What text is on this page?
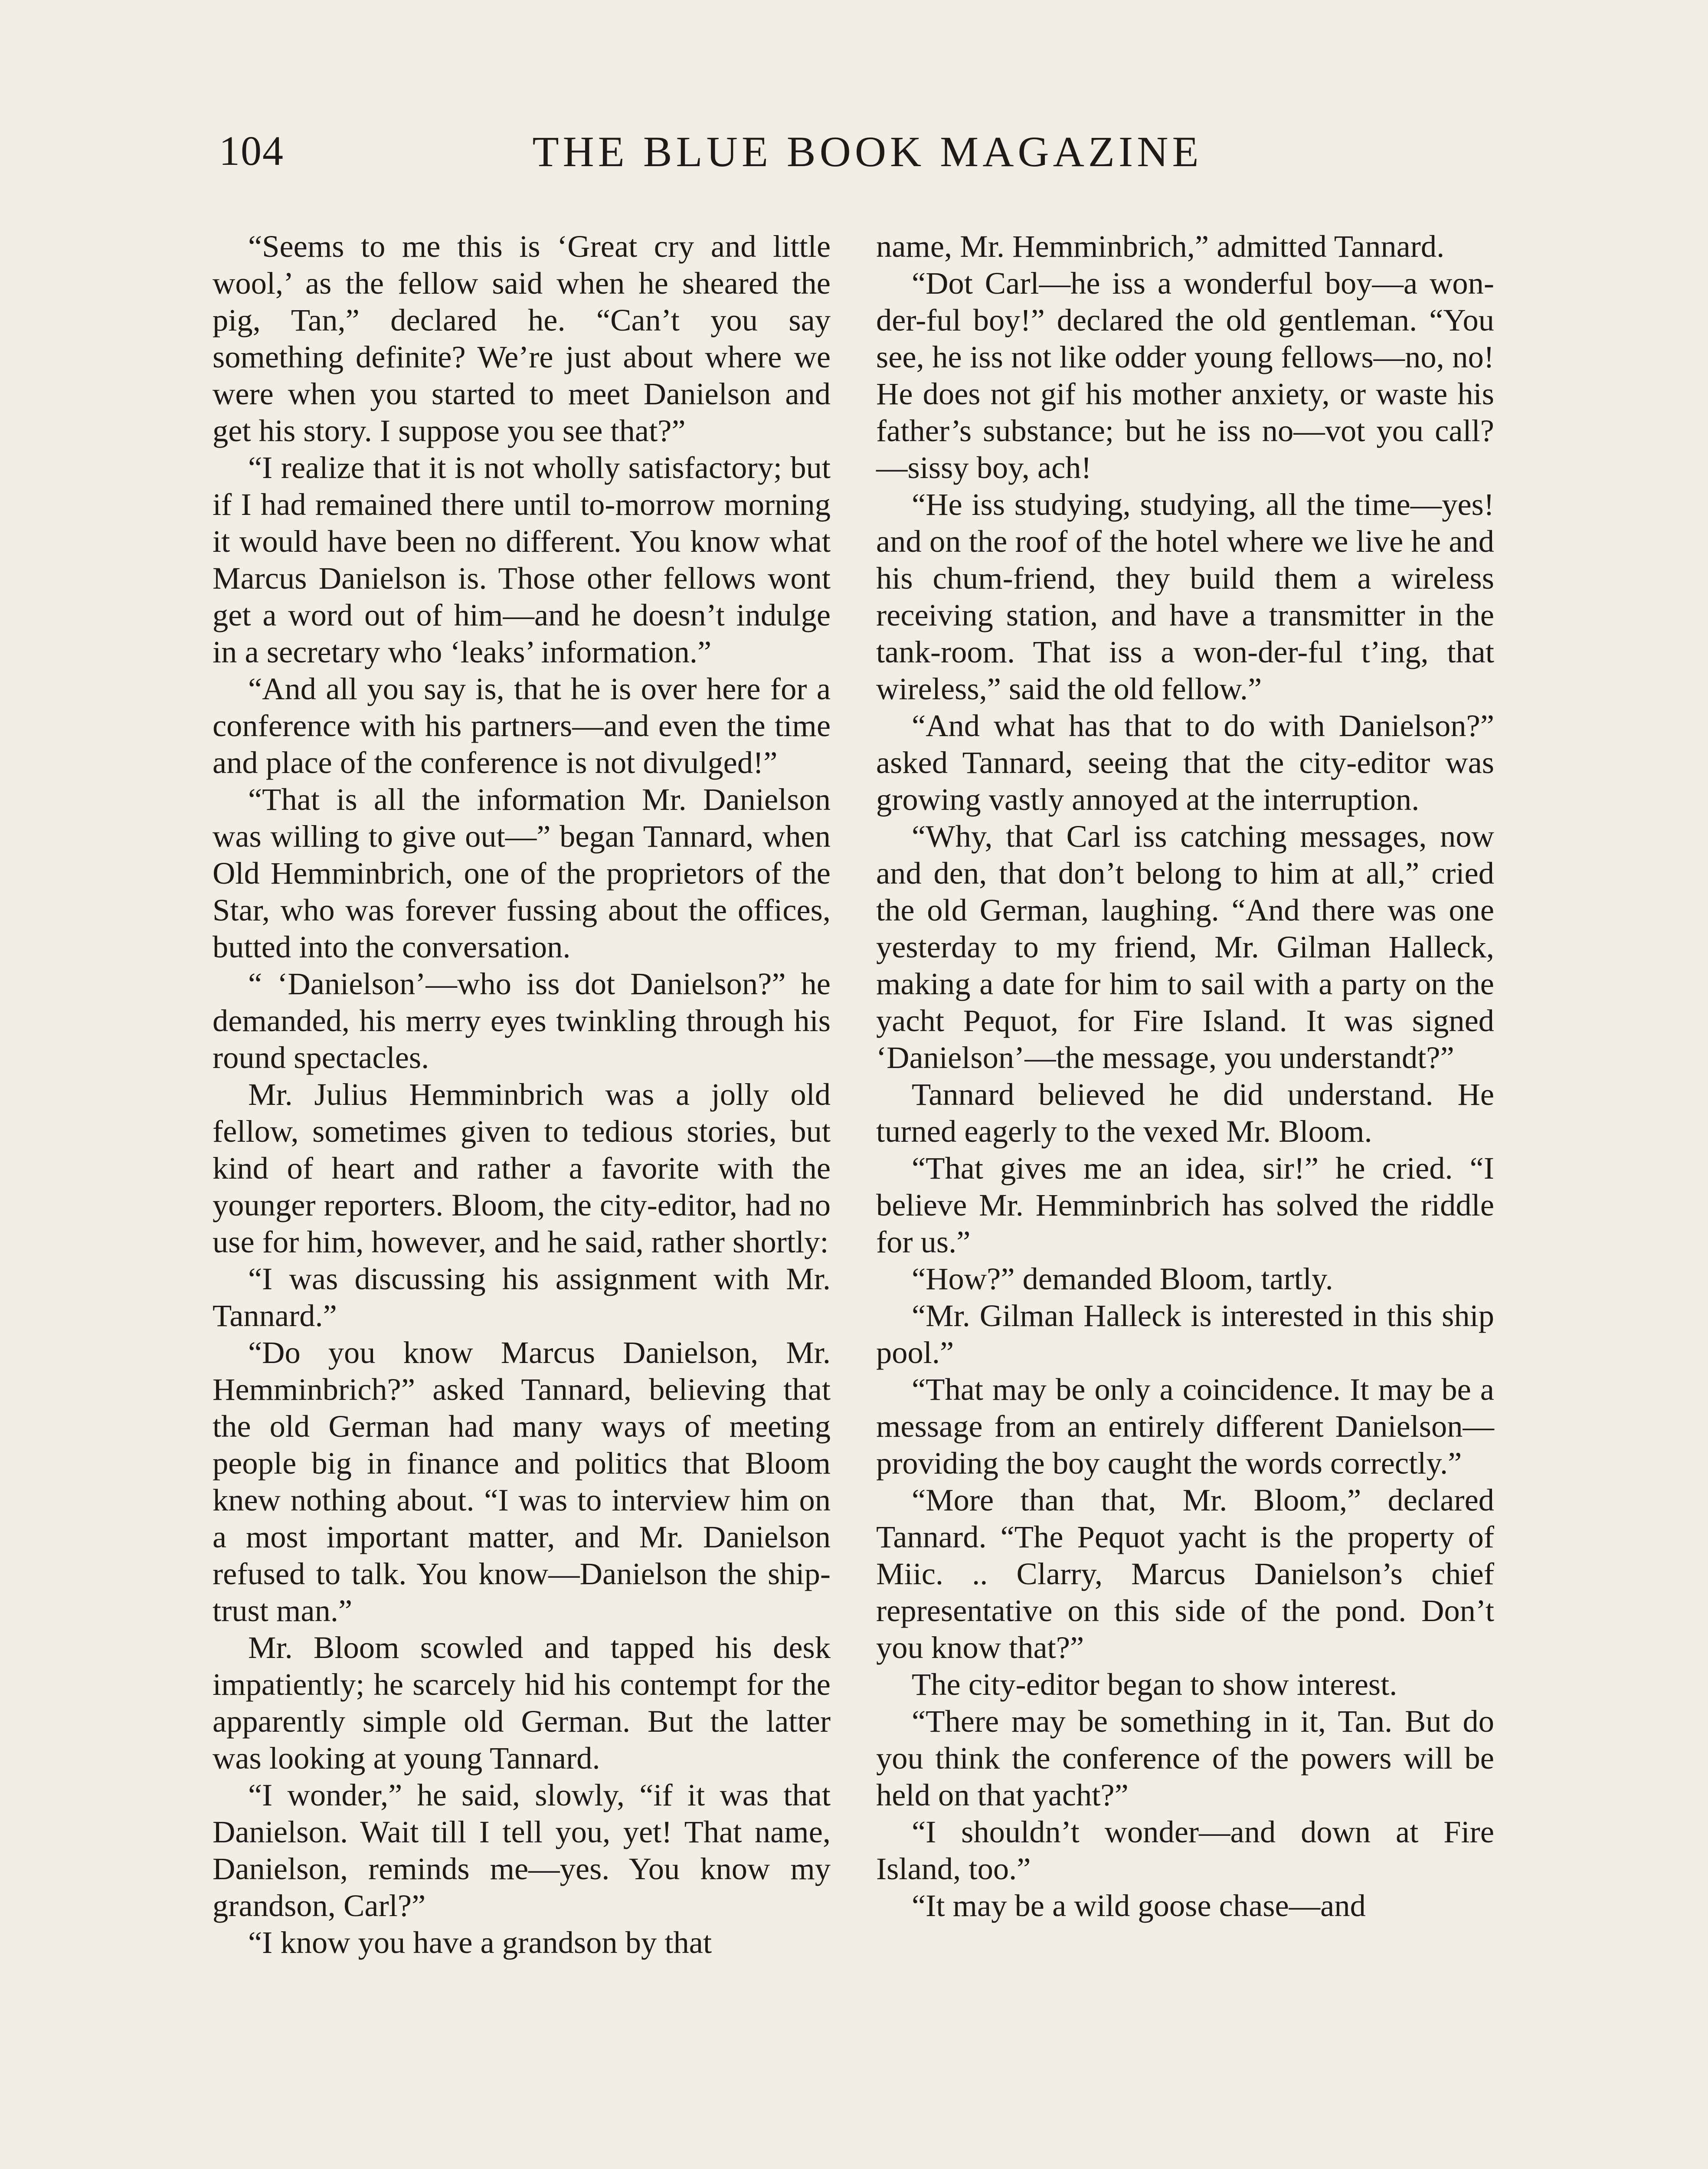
104	THE BLUE BOOK MAGAZINE

“Seems to me this is ‘Great cry and little wool,’ as the fellow said when he sheared the pig, Tan,” declared he. “Can’t you say something definite? We’re just about where we were when you started to meet Danielson and get his story. I suppose you see that?”

“I realize that it is not wholly satisfactory; but if I had remained there until to-morrow morning it would have been no different. You know what Marcus Danielson is. Those other fellows wont get a word out of him—and he doesn’t indulge in a secretary who ‘leaks’ information.”

“And all you say is, that he is over here for a conference with his partners—and even the time and place of the conference is not divulged!”

“That is all the information Mr. Danielson was willing to give out—” began Tannard, when Old Hemminbrich, one of the proprietors of the Star, who was forever fussing about the offices, butted into the conversation.

“ ‘Danielson’—who iss dot Danielson?” he demanded, his merry eyes twinkling through his round spectacles.

Mr. Julius Hemminbrich was a jolly old fellow, sometimes given to tedious stories, but kind of heart and rather a favorite with the younger reporters. Bloom, the city-editor, had no use for him, however, and he said, rather shortly:

“I was discussing his assignment with Mr. Tannard.”

“Do you know Marcus Danielson, Mr. Hemminbrich?” asked Tannard, believing that the old German had many ways of meeting people big in finance and politics that Bloom knew nothing about. “I was to interview him on a most important matter, and Mr. Danielson refused to talk. You know—Danielson the ship-trust man.”

Mr. Bloom scowled and tapped his desk impatiently; he scarcely hid his contempt for the apparently simple old German. But the latter was looking at young Tannard.

“I wonder,” he said, slowly, “if it was that Danielson. Wait till I tell you, yet! That name, Danielson, reminds me—yes. You know my grandson, Carl?”

“I know you have a grandson by that

name, Mr. Hemminbrich,” admitted Tannard.

“Dot Carl—he iss a wonderful boy—a won-der-ful boy!” declared the old gentleman. “You see, he iss not like odder young fellows—no, no! He does not gif his mother anxiety, or waste his father’s substance; but he iss no—vot you call?—sissy boy, ach!

“He iss studying, studying, all the time—yes! and on the roof of the hotel where we live he and his chum-friend, they build them a wireless receiving station, and have a transmitter in the tank-room. That iss a won-der-ful t’ing, that wireless,” said the old fellow.”

“And what has that to do with Danielson?” asked Tannard, seeing that the city-editor was growing vastly annoyed at the interruption.

“Why, that Carl iss catching messages, now and den, that don’t belong to him at all,” cried the old German, laughing. “And there was one yesterday to my friend, Mr. Gilman Halleck, making a date for him to sail with a party on the yacht Pequot, for Fire Island. It was signed ‘Danielson’—the message, you understandt?”

Tannard believed he did understand. He turned eagerly to the vexed Mr. Bloom.

“That gives me an idea, sir!” he cried. “I believe Mr. Hemminbrich has solved the riddle for us.”

“How?” demanded Bloom, tartly.

“Mr. Gilman Halleck is interested in this ship pool.”

“That may be only a coincidence. It may be a message from an entirely different Danielson—providing the boy caught the words correctly.”

“More than that, Mr. Bloom,” declared Tannard. “The Pequot yacht is the property of Miic. .. Clarry, Marcus Danielson’s chief representative on this side of the pond. Don’t you know that?”

The city-editor began to show interest.

“There may be something in it, Tan. But do you think the conference of the powers will be held on that yacht?”

“I shouldn’t wonder—and down at Fire Island, too.”

“It may be a wild goose chase—and
